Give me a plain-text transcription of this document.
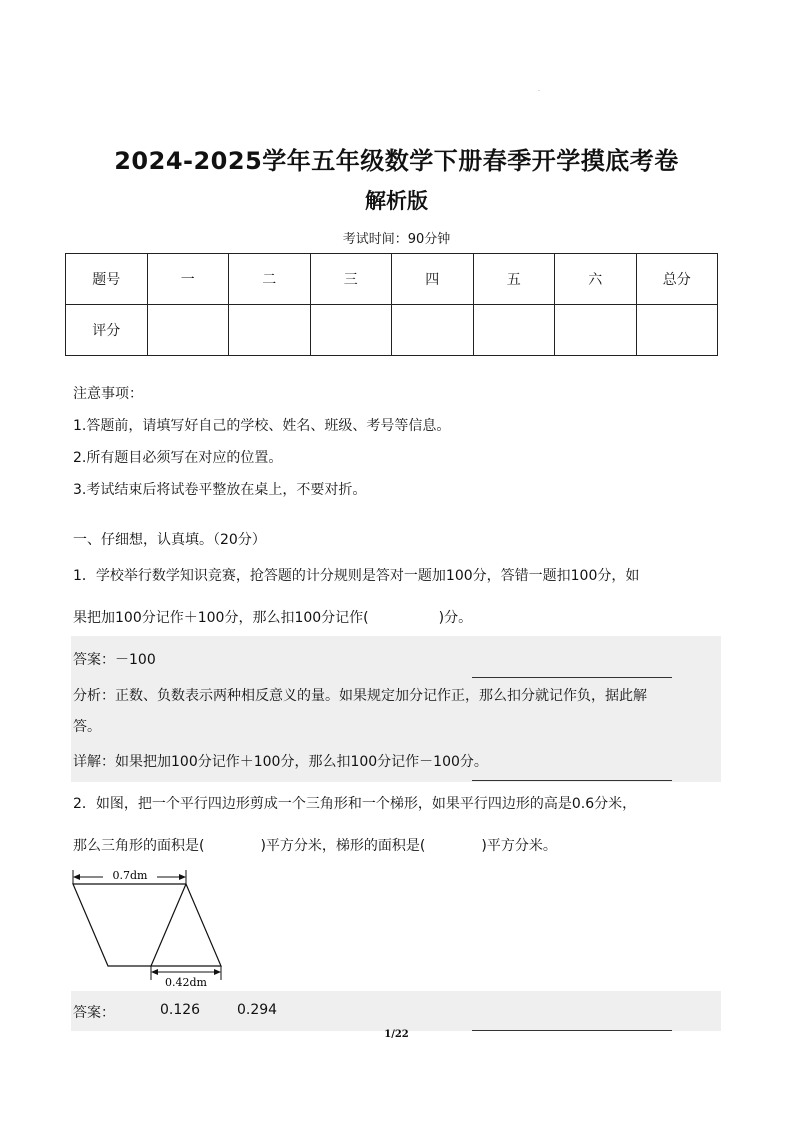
.
2024-2025学年五年级数学下册春季开学摸底考卷
解析版
考试时间：90分钟
题号	一	二	三	四	五	六	总分
评分							
注意事项：
1.答题前，请填写好自己的学校、姓名、班级、考号等信息。
2.所有题目必须写在对应的位置。
3.考试结束后将试卷平整放在桌上，不要对折。
一、仔细想，认真填。（20分）
1．学校举行数学知识竞赛，抢答题的计分规则是答对一题加100分，答错一题扣100分，如
果把加100分记作＋100分，那么扣100分记作(　　　　　)分。
答案：－100
分析：正数、负数表示两种相反意义的量。如果规定加分记作正，那么扣分就记作负，据此解
答。
详解：如果把加100分记作＋100分，那么扣100分记作－100分。
2．如图，把一个平行四边形剪成一个三角形和一个梯形，如果平行四边形的高是0.6分米，
那么三角形的面积是(　　　　)平方分米，梯形的面积是(　　　　)平方分米。
0.7dm
0.42dm
答案：	0.126	0.294
1/22
